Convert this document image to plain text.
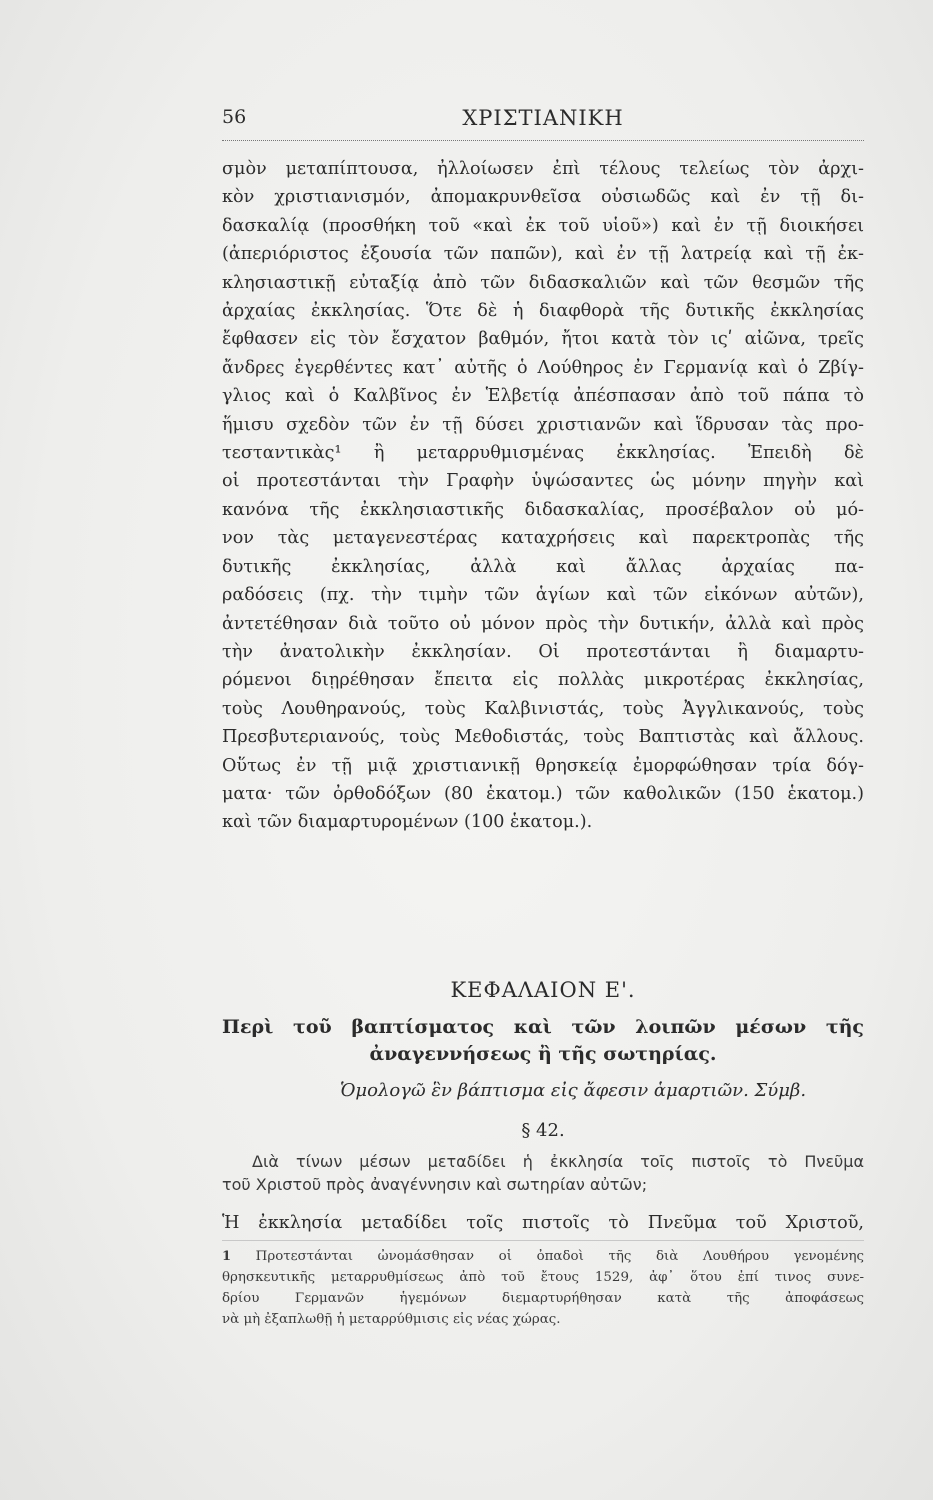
56	ΧΡΙΣΤΙΑΝΙΚΗ
σμὸν μεταπίπτουσα, ἠλλοίωσεν ἐπὶ τέλους τελείως τὸν ἀρχι-
κὸν χριστιανισμόν, ἀπομακρυνθεῖσα οὐσιωδῶς καὶ ἐν τῇ δι-
δασκαλίᾳ (προσθήκη τοῦ «καὶ ἐκ τοῦ υἱοῦ») καὶ ἐν τῇ διοικήσει
(ἀπεριόριστος ἐξουσία τῶν παπῶν), καὶ ἐν τῇ λατρείᾳ καὶ τῇ ἐκ-
κλησιαστικῇ εὐταξίᾳ ἀπὸ τῶν διδασκαλιῶν καὶ τῶν θεσμῶν τῆς
ἀρχαίας ἐκκλησίας. Ὅτε δὲ ἡ διαφθορὰ τῆς δυτικῆς ἐκκλησίας
ἔφθασεν εἰς τὸν ἔσχατον βαθμόν, ἤτοι κατὰ τὸν ιςʹ αἰῶνα, τρεῖς
ἄνδρες ἐγερθέντες κατ᾽ αὐτῆς ὁ Λούθηρος ἐν Γερμανίᾳ καὶ ὁ Ζβίγ-
γλιος καὶ ὁ Καλβῖνος ἐν Ἑλβετίᾳ ἀπέσπασαν ἀπὸ τοῦ πάπα τὸ
ἥμισυ σχεδὸν τῶν ἐν τῇ δύσει χριστιανῶν καὶ ἵδρυσαν τὰς προ-
τεσταντικὰς¹ ἢ μεταρρυθμισμένας ἐκκλησίας. Ἐπειδὴ δὲ
οἱ προτεστάνται τὴν Γραφὴν ὑψώσαντες ὡς μόνην πηγὴν καὶ
κανόνα τῆς ἐκκλησιαστικῆς διδασκαλίας, προσέβαλον οὐ μό-
νον τὰς μεταγενεστέρας καταχρήσεις καὶ παρεκτροπὰς τῆς
δυτικῆς ἐκκλησίας, ἀλλὰ καὶ ἄλλας ἀρχαίας πα-
ραδόσεις (πχ. τὴν τιμὴν τῶν ἁγίων καὶ τῶν εἰκόνων αὐτῶν),
ἀντετέθησαν διὰ τοῦτο οὐ μόνον πρὸς τὴν δυτικήν, ἀλλὰ καὶ πρὸς
τὴν ἀνατολικὴν ἐκκλησίαν. Οἱ προτεστάνται ἢ διαμαρτυ-
ρόμενοι διῃρέθησαν ἔπειτα εἰς πολλὰς μικροτέρας ἐκκλησίας,
τοὺς Λουθηρανούς, τοὺς Καλβινιστάς, τοὺς Ἀγγλικανούς, τοὺς
Πρεσβυτεριανούς, τοὺς Μεθοδιστάς, τοὺς Βαπτιστὰς καὶ ἄλλους.
Οὕτως ἐν τῇ μιᾷ χριστιανικῇ θρησκείᾳ ἐμορφώθησαν τρία δόγ-
ματα· τῶν ὀρθοδόξων (80 ἑκατομ.) τῶν καθολικῶν (150 ἑκατομ.)
καὶ τῶν διαμαρτυρομένων (100 ἑκατομ.).
ΚΕΦΑΛΑΙΟΝ Ε'.
Περὶ τοῦ βαπτίσματος καὶ τῶν λοιπῶν μέσων τῆς
ἀναγεννήσεως ἢ τῆς σωτηρίας.
Ὁμολογῶ ἓν βάπτισμα εἰς ἄφεσιν ἁμαρτιῶν. Σύμβ.
§ 42.
Διὰ τίνων μέσων μεταδίδει ἡ ἐκκλησία τοῖς πιστοῖς τὸ Πνεῦμα
τοῦ Χριστοῦ πρὸς ἀναγέννησιν καὶ σωτηρίαν αὐτῶν;
Ἡ ἐκκλησία μεταδίδει τοῖς πιστοῖς τὸ Πνεῦμα τοῦ Χριστοῦ,
1 Προτεστάνται ὠνομάσθησαν οἱ ὀπαδοὶ τῆς διὰ Λουθήρου γενομένης
θρησκευτικῆς μεταρρυθμίσεως ἀπὸ τοῦ ἔτους 1529, ἀφ᾽ ὅτου ἐπί τινος συνε-
δρίου Γερμανῶν ἡγεμόνων διεμαρτυρήθησαν κατὰ τῆς ἀποφάσεως
νὰ μὴ ἐξαπλωθῇ ἡ μεταρρύθμισις εἰς νέας χώρας.
